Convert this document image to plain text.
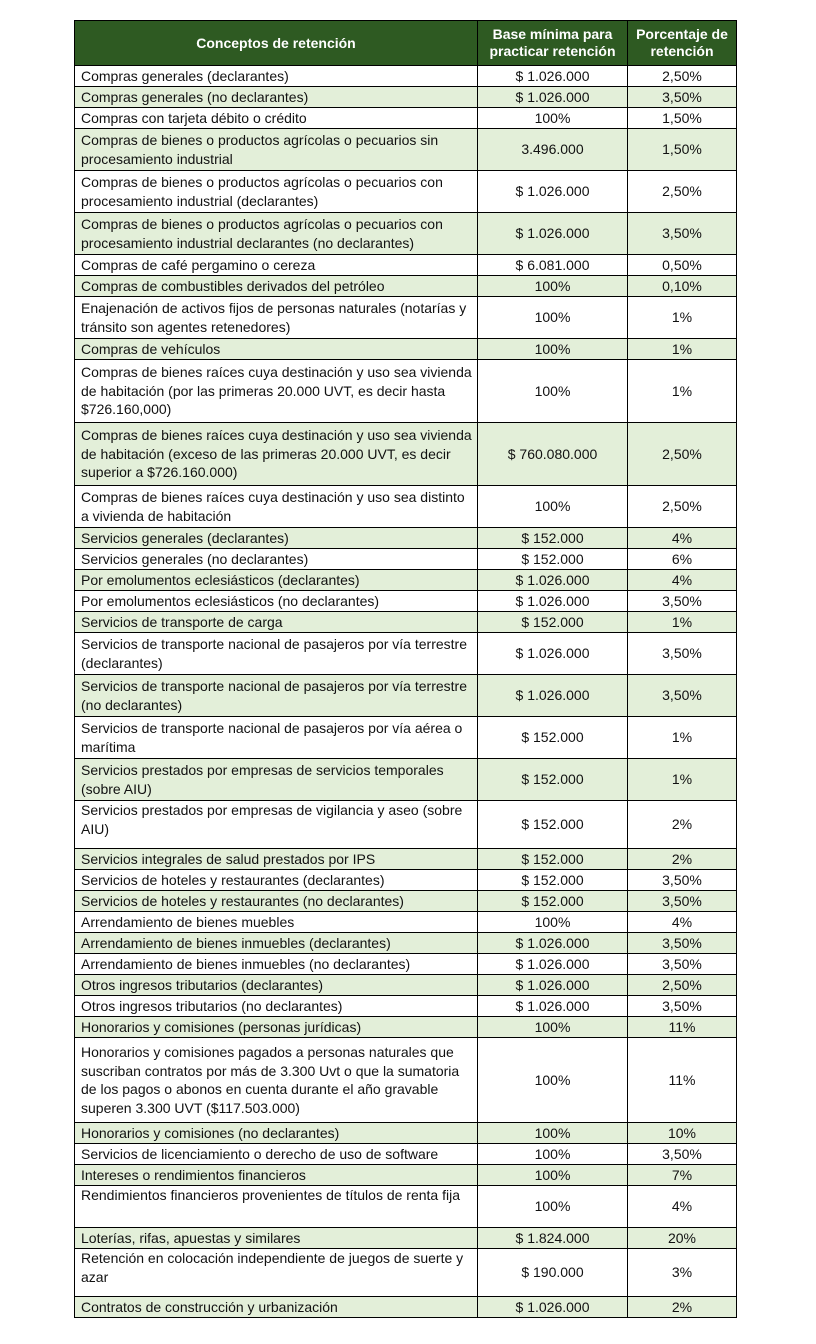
Conceptos de retención	Base mínima para practicar retención	Porcentaje de retención
Compras generales (declarantes)	$ 1.026.000	2,50%
Compras generales (no declarantes)	$ 1.026.000	3,50%
Compras con tarjeta débito o crédito	100%	1,50%
Compras de bienes o productos agrícolas o pecuarios sin procesamiento industrial	3.496.000	1,50%
Compras de bienes o productos agrícolas o pecuarios con procesamiento industrial (declarantes)	$ 1.026.000	2,50%
Compras de bienes o productos agrícolas o pecuarios con procesamiento industrial declarantes (no declarantes)	$ 1.026.000	3,50%
Compras de café pergamino o cereza	$ 6.081.000	0,50%
Compras de combustibles derivados del petróleo	100%	0,10%
Enajenación de activos fijos de personas naturales (notarías y tránsito son agentes retenedores)	100%	1%
Compras de vehículos	100%	1%
Compras de bienes raíces cuya destinación y uso sea vivienda de habitación (por las primeras 20.000 UVT, es decir hasta $726.160,000)	100%	1%
Compras de bienes raíces cuya destinación y uso sea vivienda de habitación (exceso de las primeras 20.000 UVT, es decir superior a $726.160.000)	$ 760.080.000	2,50%
Compras de bienes raíces cuya destinación y uso sea distinto a vivienda de habitación	100%	2,50%
Servicios generales (declarantes)	$ 152.000	4%
Servicios generales (no declarantes)	$ 152.000	6%
Por emolumentos eclesiásticos (declarantes)	$ 1.026.000	4%
Por emolumentos eclesiásticos (no declarantes)	$ 1.026.000	3,50%
Servicios de transporte de carga	$ 152.000	1%
Servicios de transporte nacional de pasajeros por vía terrestre (declarantes)	$ 1.026.000	3,50%
Servicios de transporte nacional de pasajeros por vía terrestre (no declarantes)	$ 1.026.000	3,50%
Servicios de transporte nacional de pasajeros por vía aérea o marítima	$ 152.000	1%
Servicios prestados por empresas de servicios temporales (sobre AIU)	$ 152.000	1%
Servicios prestados por empresas de vigilancia y aseo (sobre AIU)	$ 152.000	2%
Servicios integrales de salud prestados por IPS	$ 152.000	2%
Servicios de hoteles y restaurantes (declarantes)	$ 152.000	3,50%
Servicios de hoteles y restaurantes (no declarantes)	$ 152.000	3,50%
Arrendamiento de bienes muebles	100%	4%
Arrendamiento de bienes inmuebles (declarantes)	$ 1.026.000	3,50%
Arrendamiento de bienes inmuebles (no declarantes)	$ 1.026.000	3,50%
Otros ingresos tributarios (declarantes)	$ 1.026.000	2,50%
Otros ingresos tributarios (no declarantes)	$ 1.026.000	3,50%
Honorarios y comisiones (personas jurídicas)	100%	11%
Honorarios y comisiones pagados a personas naturales que suscriban contratos por más de 3.300 Uvt o que la sumatoria de los pagos o abonos en cuenta durante el año gravable superen 3.300 UVT ($117.503.000)	100%	11%
Honorarios y comisiones (no declarantes)	100%	10%
Servicios de licenciamiento o derecho de uso de software	100%	3,50%
Intereses o rendimientos financieros	100%	7%
Rendimientos financieros provenientes de títulos de renta fija	100%	4%
Loterías, rifas, apuestas y similares	$ 1.824.000	20%
Retención en colocación independiente de juegos de suerte y azar	$ 190.000	3%
Contratos de construcción y urbanización	$ 1.026.000	2%
